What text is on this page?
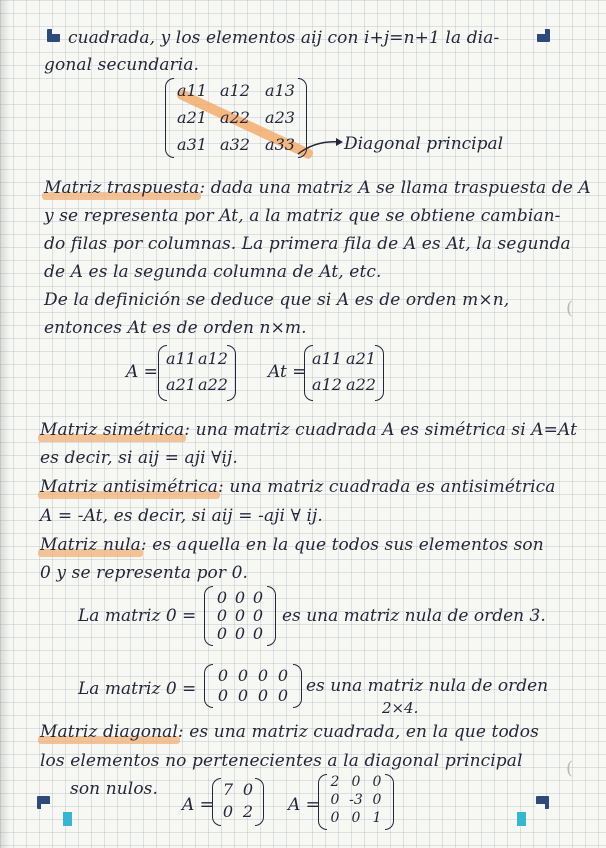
(
(
cuadrada, y los elementos aij con i+j=n+1 la dia-
gonal secundaria.
a11 a12 a13
a21 a22 a23
a31 a32 a33	Diagonal principal
Matriz traspuesta: dada una matriz A se llama traspuesta de A
y se representa por At, a la matriz que se obtiene cambian-
do filas por columnas. La primera fila de A es At, la segunda
de A es la segunda columna de At, etc.
De la definición se deduce que si A es de orden m×n,
entonces At es de orden n×m.
A =
a11 a12
a21 a22
At =
a11 a21
a12 a22
Matriz simétrica: una matriz cuadrada A es simétrica si A=At
es decir, si aij = aji ∀ij.
Matriz antisimétrica: una matriz cuadrada es antisimétrica
A = -At, es decir, si aij = -aji ∀ ij.
Matriz nula: es aquella en la que todos sus elementos son
0 y se representa por 0.
La matriz 0 =
0 0 0
0 0 0
0 0 0
es una matriz nula de orden 3.
La matriz 0 =
0 0 0 0
0 0 0 0 es una matriz nula de orden
2×4.
Matriz diagonal: es una matriz cuadrada, en la que todos
los elementos no pertenecientes a la diagonal principal
son nulos.
A =
7 0
0 2 A =
2 0 0
0 -3 0
0 0 1
